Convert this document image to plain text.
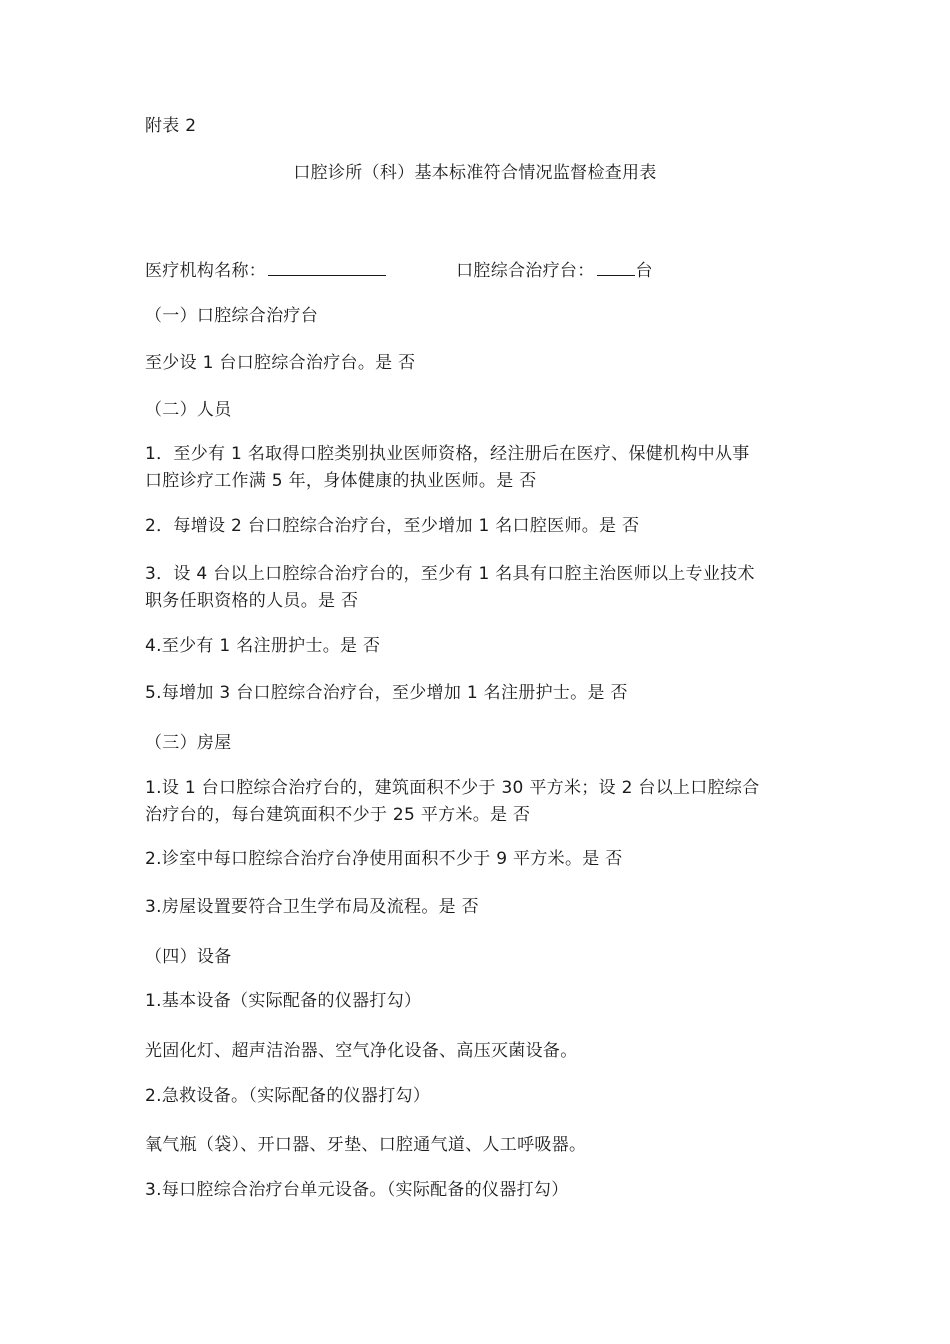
附表 2
口腔诊所（科）基本标准符合情况监督检查用表
医疗机构名称：	口腔综合治疗台： 台
（一）口腔综合治疗台
至少设 1 台口腔综合治疗台。是 否
（二）人员
1．至少有 1 名取得口腔类别执业医师资格，经注册后在医疗、保健机构中从事
口腔诊疗工作满 5 年，身体健康的执业医师。是 否
2．每增设 2 台口腔综合治疗台，至少增加 1 名口腔医师。是 否
3．设 4 台以上口腔综合治疗台的，至少有 1 名具有口腔主治医师以上专业技术
职务任职资格的人员。是 否
4.至少有 1 名注册护士。是 否
5.每增加 3 台口腔综合治疗台，至少增加 1 名注册护士。是 否
（三）房屋
1.设 1 台口腔综合治疗台的，建筑面积不少于 30 平方米；设 2 台以上口腔综合
治疗台的，每台建筑面积不少于 25 平方米。是 否
2.诊室中每口腔综合治疗台净使用面积不少于 9 平方米。是 否
3.房屋设置要符合卫生学布局及流程。是 否
（四）设备
1.基本设备（实际配备的仪器打勾）
光固化灯、超声洁治器、空气净化设备、高压灭菌设备。
2.急救设备。（实际配备的仪器打勾）
氧气瓶（袋）、开口器、牙垫、口腔通气道、人工呼吸器。
3.每口腔综合治疗台单元设备。（实际配备的仪器打勾）
